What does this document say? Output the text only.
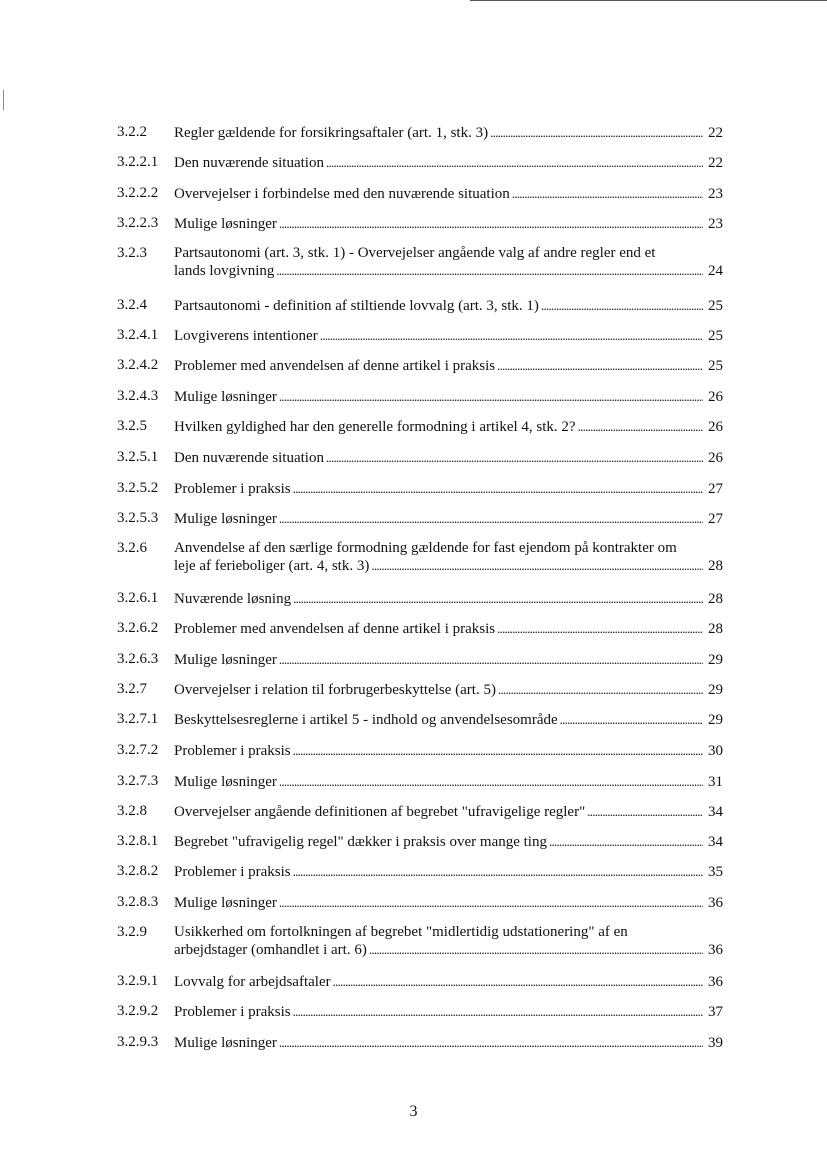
3.2.2 Regler gældende for forsikringsaftaler (art. 1, stk. 3) . . .	22
3.2.2.1 Den nuværende situation . . .	22
3.2.2.2 Overvejelser i forbindelse med den nuværende situation . . .	23
3.2.2.3 Mulige løsninger . . .	23
3.2.3 Partsautonomi (art. 3, stk. 1) - Overvejelser angående valg af andre regler end et
lands lovgivning . . .	24
3.2.4 Partsautonomi - definition af stiltiende lovvalg (art. 3, stk. 1) . . .	25
3.2.4.1 Lovgiverens intentioner . . .	25
3.2.4.2 Problemer med anvendelsen af denne artikel i praksis . . .	25
3.2.4.3 Mulige løsninger . . .	26
3.2.5 Hvilken gyldighed har den generelle formodning i artikel 4, stk. 2? . . .	26
3.2.5.1 Den nuværende situation . . .	26
3.2.5.2 Problemer i praksis . . .	27
3.2.5.3 Mulige løsninger . . .	27
3.2.6 Anvendelse af den særlige formodning gældende for fast ejendom på kontrakter om
leje af ferieboliger (art. 4, stk. 3) . . .	28
3.2.6.1 Nuværende løsning . . .	28
3.2.6.2 Problemer med anvendelsen af denne artikel i praksis . . .	28
3.2.6.3 Mulige løsninger . . .	29
3.2.7 Overvejelser i relation til forbrugerbeskyttelse (art. 5) . . .	29
3.2.7.1 Beskyttelsesreglerne i artikel 5 - indhold og anvendelsesområde . . .	29
3.2.7.2 Problemer i praksis . . .	30
3.2.7.3 Mulige løsninger . . .	31
3.2.8 Overvejelser angående definitionen af begrebet "ufravigelige regler" . . .	34
3.2.8.1 Begrebet "ufravigelig regel" dækker i praksis over mange ting . . .	34
3.2.8.2 Problemer i praksis . . .	35
3.2.8.3 Mulige løsninger . . .	36
3.2.9 Usikkerhed om fortolkningen af begrebet "midlertidig udstationering" af en
arbejdstager (omhandlet i art. 6) . . .	36
3.2.9.1 Lovvalg for arbejdsaftaler . . .	36
3.2.9.2 Problemer i praksis . . .	37
3.2.9.3 Mulige løsninger . . .	39
3
